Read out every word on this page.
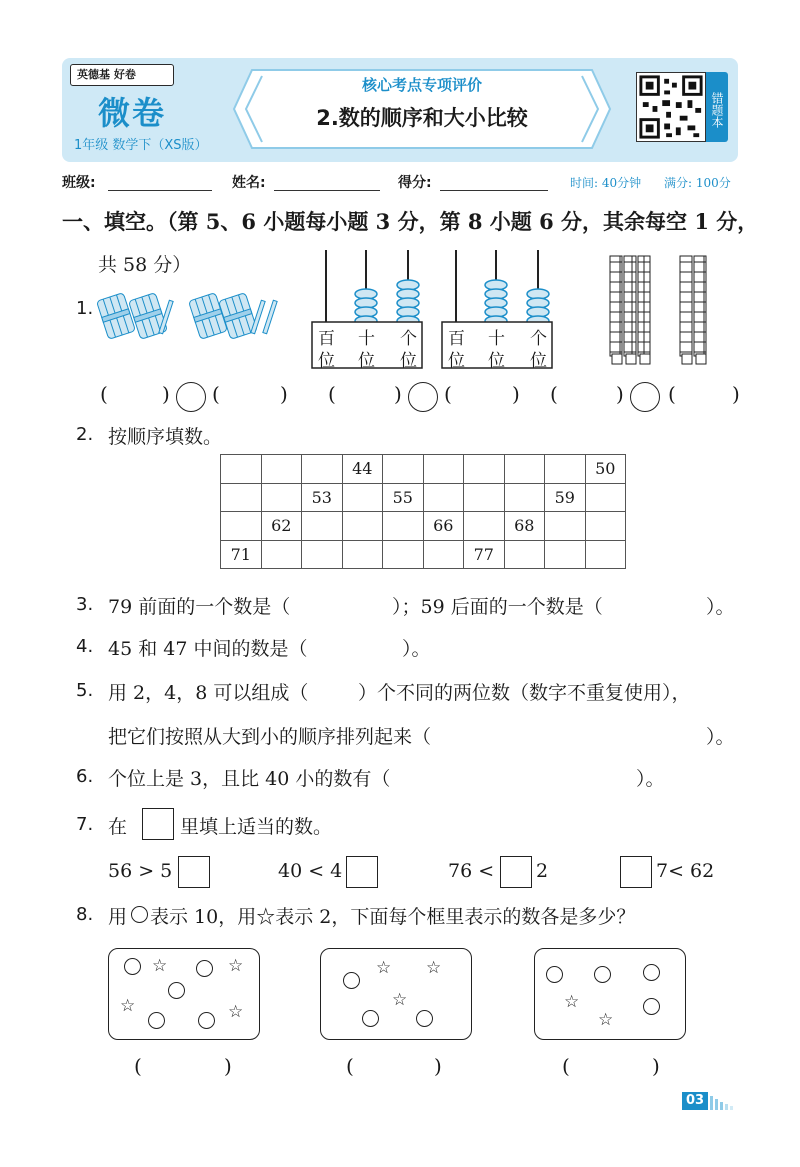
英德基 好卷
微卷
1年级 数学下（XS版）
核心考点专项评价
2.数的顺序和大小比较	错题本
班级:	姓名:	得分:	时间: 40分钟 满分: 100分
一、填空。（第 5、6 小题每小题 3 分，第 8 小题 6 分，其余每空 1 分，
共 58 分）
1.
百 十 个
位 位 位
百 十 个
位 位 位
(	) (	) (	) (	) (	) (	)
2. 按顺序填数。
			44						50
		53		55				59	
	62				66		68		
71						77			
3. 79 前面的一个数是（	）；59 后面的一个数是（	）。
4. 45 和 47 中间的数是（	）。
5. 用 2，4，8 可以组成（	）个不同的两位数（数字不重复使用），
把它们按照从大到小的顺序排列起来（	）。
6. 个位上是 3，且比 40 小的数有（	）。
7. 在	里填上适当的数。
56 > 5	40 < 4	76 < 2	7< 62
8. 用 表示 10，用☆表示 2，下面每个框里表示的数各是多少？
☆	☆
☆	☆
☆ ☆
☆	☆
☆
(	)	(	)	(	)
03
